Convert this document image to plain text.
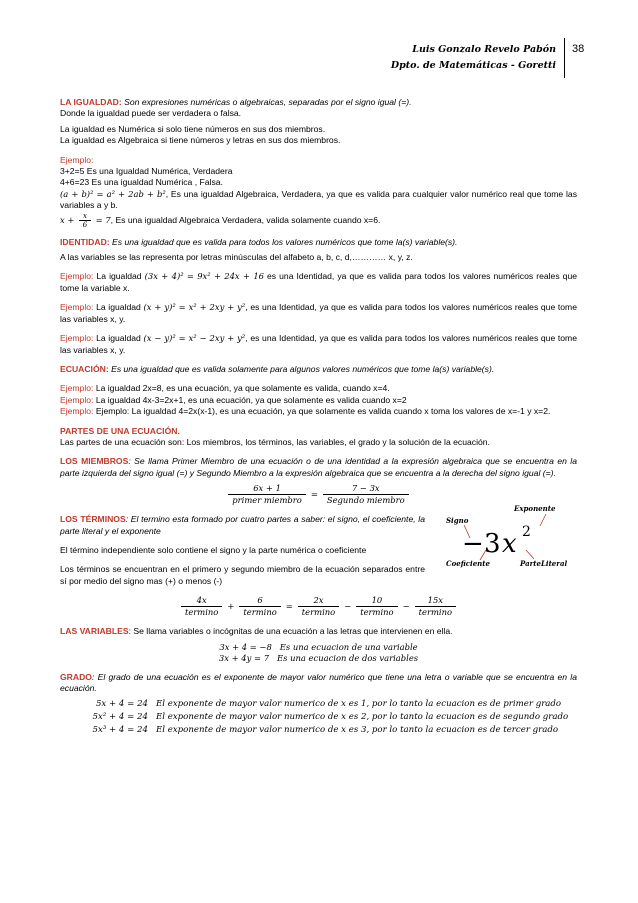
Luis Gonzalo Revelo Pabón
Dpto. de Matemáticas - Goretti
38

LA IGUALDAD: Son expresiones numéricas o algebraicas, separadas por el signo igual (=).

Donde la igualdad puede ser verdadera o falsa.

La igualdad es Numérica si solo tiene números en sus dos miembros.

La igualdad es Algebraica si tiene números y letras en sus dos miembros.

Ejemplo:

3+2=5 Es una Igualdad Numérica, Verdadera

4+6=23 Es una igualdad Numérica , Falsa.

(a + b)² = a² + 2ab + b², Es una igualdad Algebraica, Verdadera, ya que es valida para cualquier valor numérico real que tome las variables a y b.

$x + \frac{x}{6} = 7$, Es una igualdad Algebraica Verdadera, valida solamente cuando x=6.

IDENTIDAD: Es una igualdad que es valida para todos los valores numéricos que tome la(s) variable(s).

A las variables se las representa por letras minúsculas del alfabeto a, b, c, d,………… x, y, z.

Ejemplo: La igualdad (3x + 4)² = 9x² + 24x + 16 es una Identidad, ya que es valida para todos los valores numéricos reales que tome la variable x.

Ejemplo: La igualdad (x + y)² = x² + 2xy + y², es una Identidad, ya que es valida para todos los valores numéricos reales que tome las variables x, y.

Ejemplo: La igualdad (x − y)² = x² − 2xy + y², es una Identidad, ya que es valida para todos los valores numéricos reales que tome las variables x, y.

ECUACIÓN: Es una igualdad que es valida solamente para algunos valores numéricos que tome la(s) variable(s).

Ejemplo: La igualdad 2x=8, es una ecuación, ya que solamente es valida, cuando x=4.

Ejemplo: La igualdad 4x-3=2x+1, es una ecuación, ya que solamente es valida cuando x=2

Ejemplo: Ejemplo: La igualdad 4=2x(x-1), es una ecuación, ya que solamente es valida cuando x toma los valores de x=-1 y x=2.

PARTES DE UNA ECUACIÓN.

Las partes de una ecuación son: Los miembros, los términos, las variables, el grado y la solución de la ecuación.

LOS MIEMBROS: Se llama Primer Miembro de una ecuación o de una identidad a la expresión algebraica que se encuentra en la parte izquierda del signo igual (=) y Segundo Miembro a la expresión algebraica que se encuentra a la derecha del signo igual (=).

$\frac{6x + 1}{\text{primer miembro}} = \frac{7 - 3x}{\text{Segundo miembro}}$

LOS TÉRMINOS: El termino esta formado por cuatro partes a saber: el signo, el coeficiente, la parte literal y el exponente

El término independiente solo contiene el signo y la parte numérica o coeficiente

Los términos se encuentran en el primero y segundo miembro de la ecuación separados entre sí por medio del signo mas (+) o menos (-)

Exponente
Signo
Coeficiente	ParteLiteral
− 3 x 2
$\frac{4x}{\text{termino}} + \frac{6}{\text{termino}} = \frac{2x}{\text{termino}} - \frac{10}{\text{termino}} - \frac{15x}{\text{termino}}$

LAS VARIABLES: Se llama variables o incógnitas de una ecuación a las letras que intervienen en ella.

3x + 4 = −8 Es una ecuacion de una variable
3x + 4y = 7 Es una ecuacion de dos variables

GRADO: El grado de una ecuación es el exponente de mayor valor numérico que tiene una letra o variable que se encuentra en la ecuación.

5x + 4 = 24 El exponente de mayor valor numerico de x es 1, por lo tanto la ecuacion es de primer grado
5x² + 4 = 24 El exponente de mayor valor numerico de x es 2, por lo tanto la ecuacion es de segundo grado
5x³ + 4 = 24 El exponente de mayor valor numerico de x es 3, por lo tanto la ecuacion es de tercer grado
